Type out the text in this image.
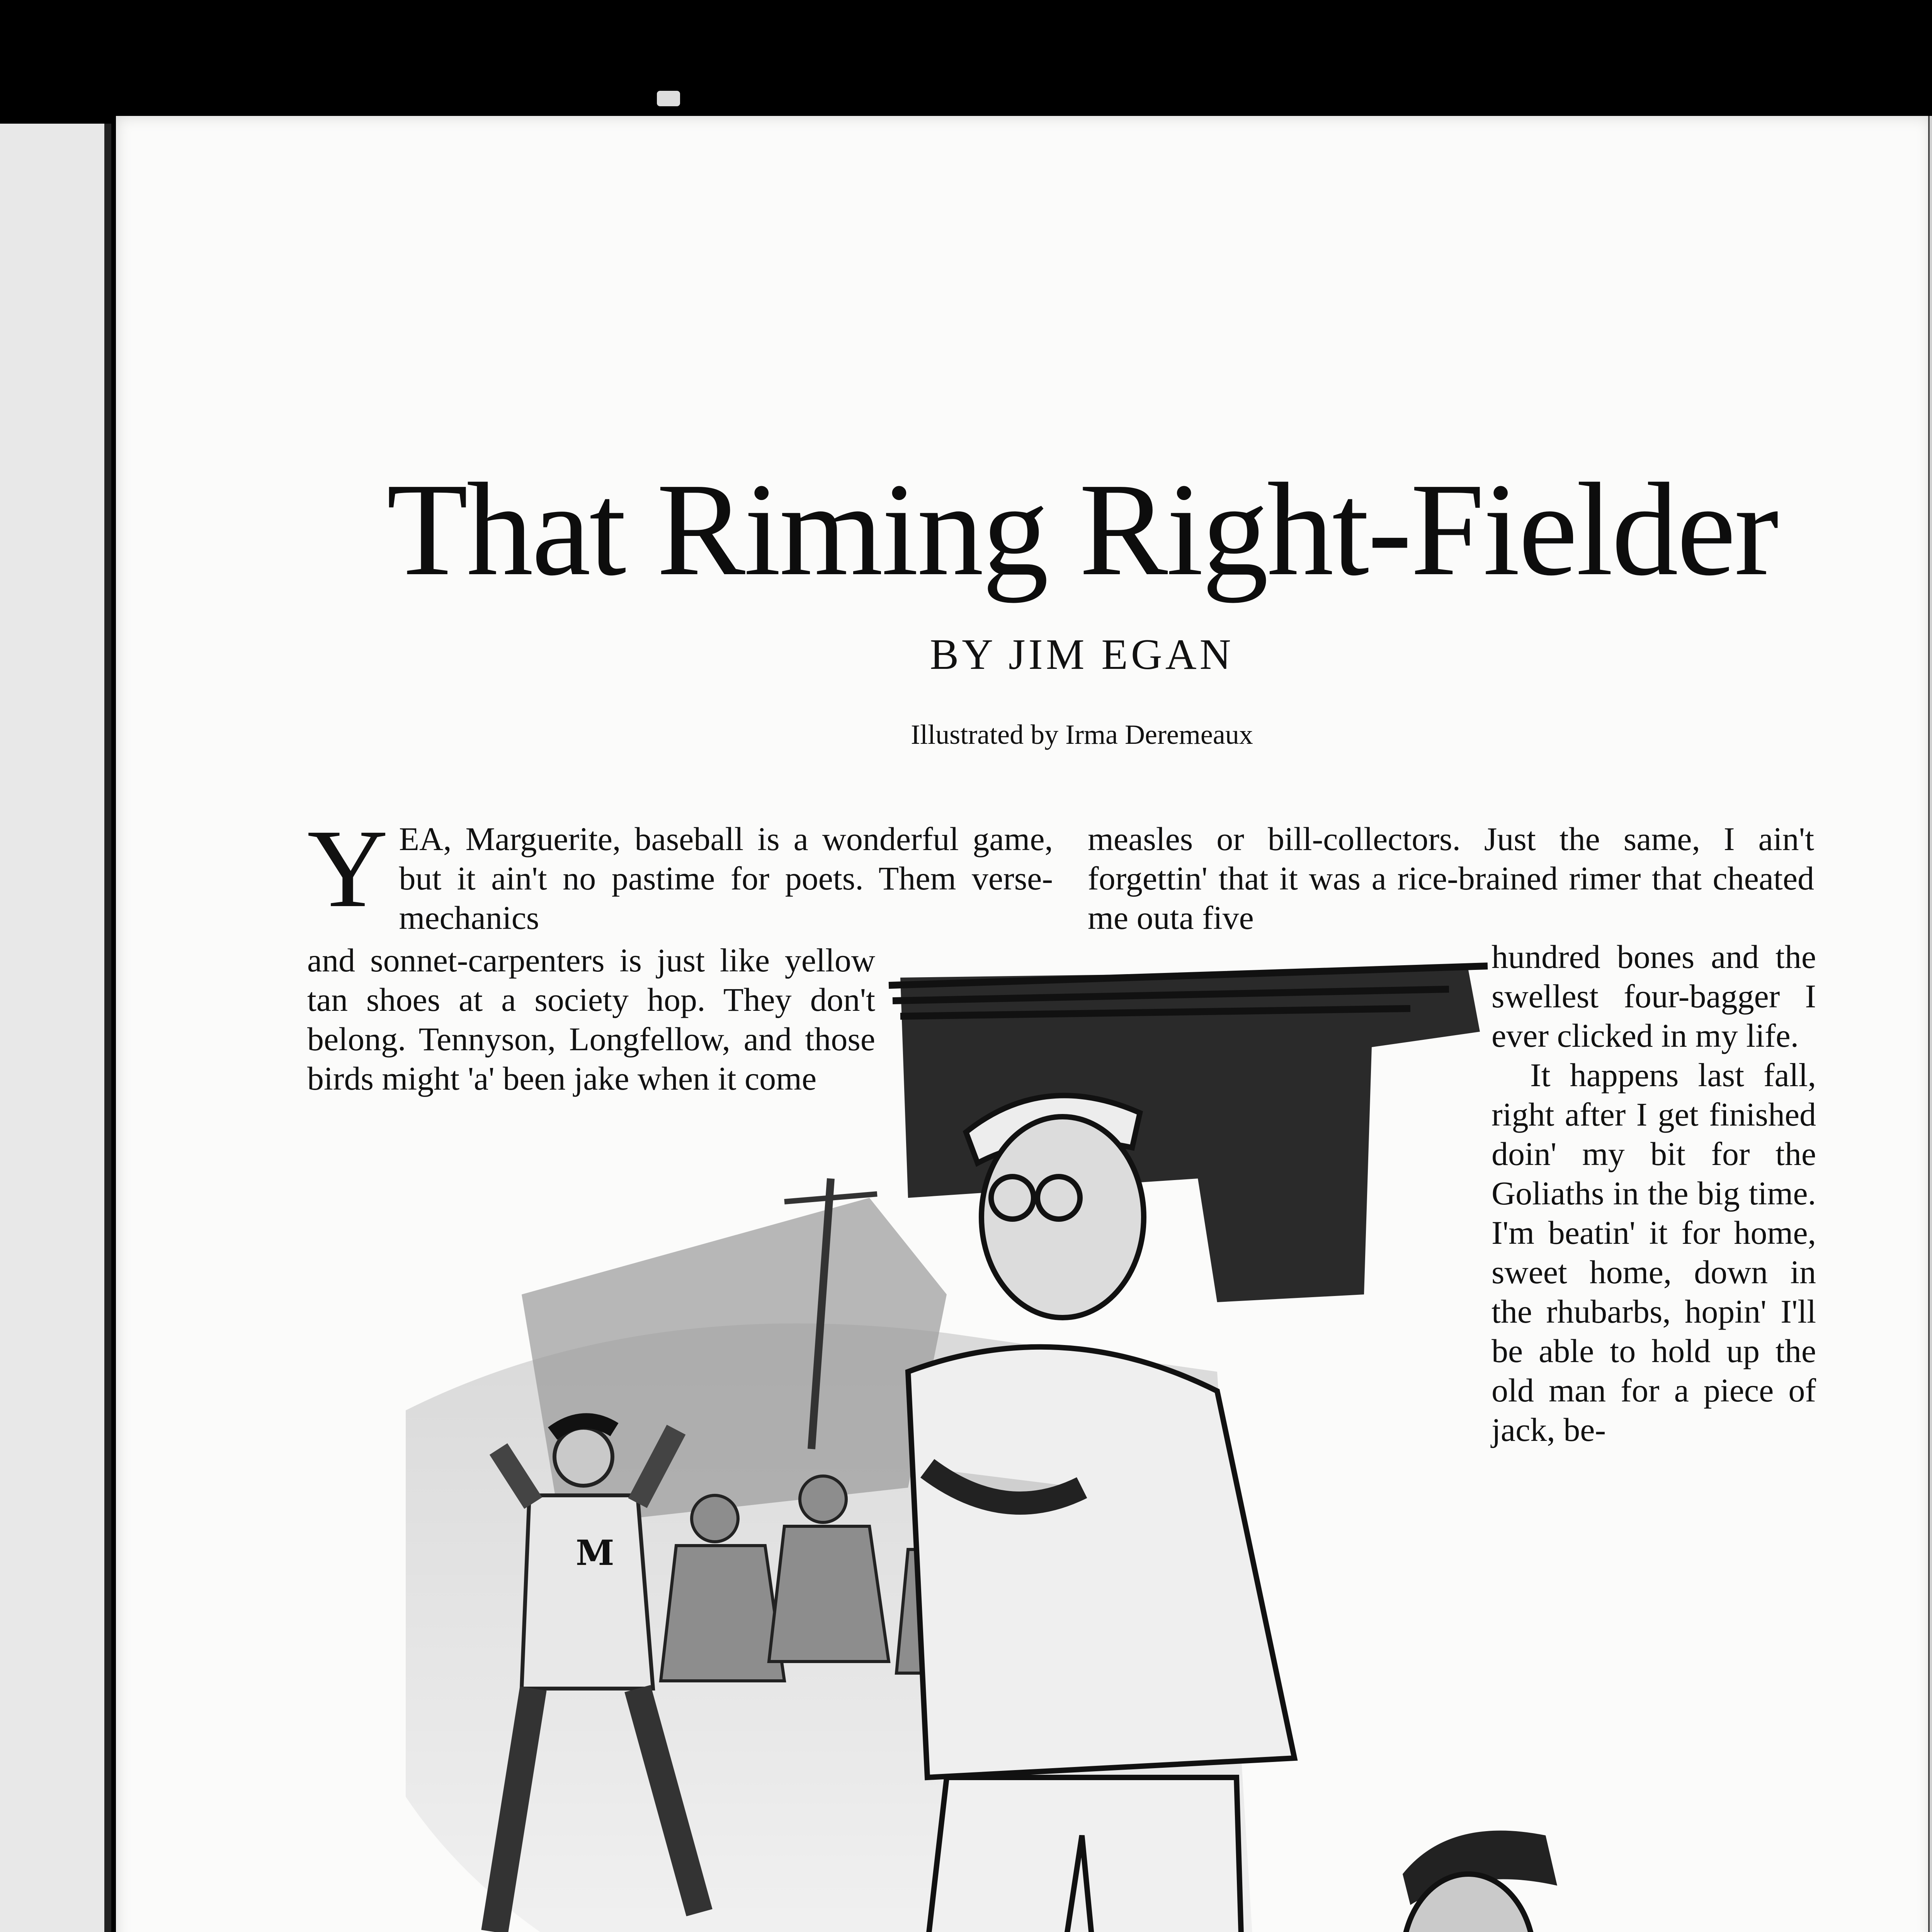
That Riming Right-Fielder
BY JIM EGAN
Illustrated by Irma Deremeaux
Y EA, Marguerite, baseball is a wonderful game, but it ain't no pastime for poets. Them verse-mechanics
and sonnet-carpenters is just like yellow tan shoes at a society hop. They don't belong. Tennyson, Longfellow, and those birds might 'a' been jake when it come
measles or bill-collectors. Just the same, I ain't forgettin' that it was a rice-brained rimer that cheated me outa five

hundred bones and the swellest four-bagger I ever clicked in my life.

It happens last fall, right after I get finished doin' my bit for the Goliaths in the big time. I'm beatin' it for home, sweet home, down in the rhubarbs, hopin' I'll be able to hold up the old man for a piece of jack, be-

M
